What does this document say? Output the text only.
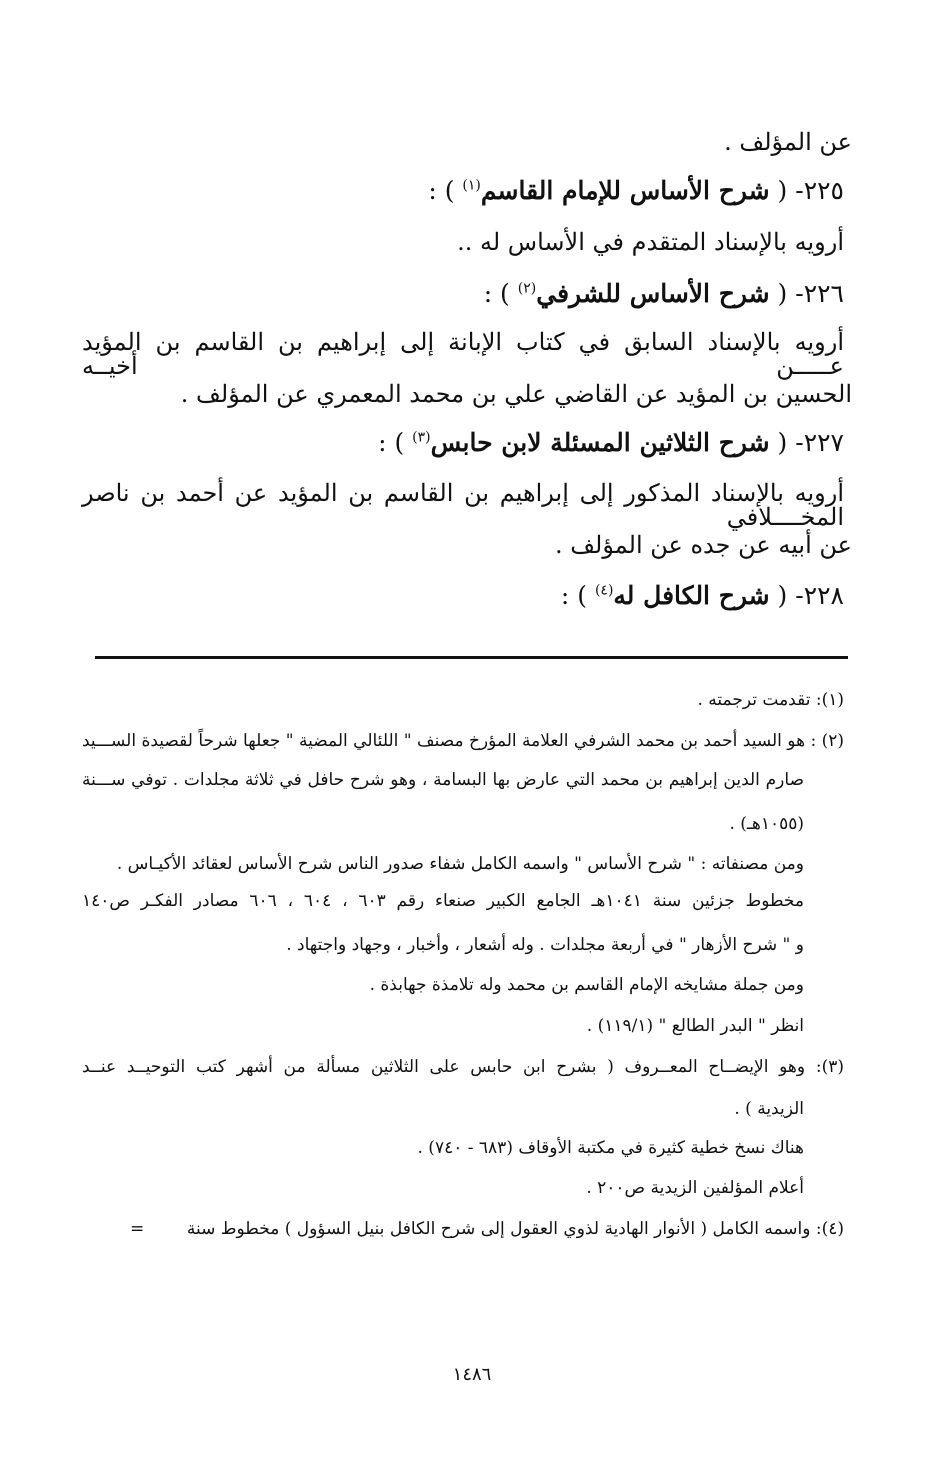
عن المؤلف .
٢٢٥- ( شرح الأساس للإمام القاسم$^{(١)}$ ) :
أرويه بالإسناد المتقدم في الأساس له ..
٢٢٦- ( شرح الأساس للشرفي$^{(٢)}$ ) :
أرويه بالإسناد السابق في كتاب الإبانة إلى إبراهيم بن القاسم بن المؤيد عـــــن أخيــه
الحسين بن المؤيد عن القاضي علي بن محمد المعمري عن المؤلف .
٢٢٧- ( شرح الثلاثين المسئلة لابن حابس$^{(٣)}$ ) :
أرويه بالإسناد المذكور إلى إبراهيم بن القاسم بن المؤيد عن أحمد بن ناصر المخــــلافي
عن أبيه عن جده عن المؤلف .
٢٢٨- ( شرح الكافل له$^{(٤)}$ ) :
(١): تقدمت ترجمته .
(٢) : هو السيد أحمد بن محمد الشرفي العلامة المؤرخ مصنف " اللئالي المضية " جعلها شرحاً لقصيدة الســـيد
صارم الدين إبراهيم بن محمد التي عارض بها البسامة ، وهو شرح حافل في ثلاثة مجلدات . توفي ســـنة
(١٠٥٥هـ) .
ومن مصنفاته : " شرح الأساس " واسمه الكامل شفاء صدور الناس شرح الأساس لعقائد الأكيـاس .
مخطوط جزئين سنة ١٠٤١هـ الجامع الكبير صنعاء رقم ٦٠٣ ، ٦٠٤ ، ٦٠٦ مصادر الفكـر ص١٤٠
و " شرح الأزهار " في أربعة مجلدات . وله أشعار ، وأخبار ، وجهاد واجتهاد .
ومن جملة مشايخه الإمام القاسم بن محمد وله تلامذة جهابذة .
انظر " البدر الطالع " (١١٩/١) .
(٣): وهو الإيضــاح المعــروف ( بشرح ابن حابس على الثلاثين مسألة من أشهر كتب التوحيــد عنــد
الزيدية ) .
هناك نسخ خطية كثيرة في مكتبة الأوقاف (٦٨٣ - ٧٤٠) .
أعلام المؤلفين الزيدية ص٢٠٠ .
(٤): واسمه الكامل ( الأنوار الهادية لذوي العقول إلى شرح الكافل بنيل السؤول ) مخطوط سنة
=
١٤٨٦
